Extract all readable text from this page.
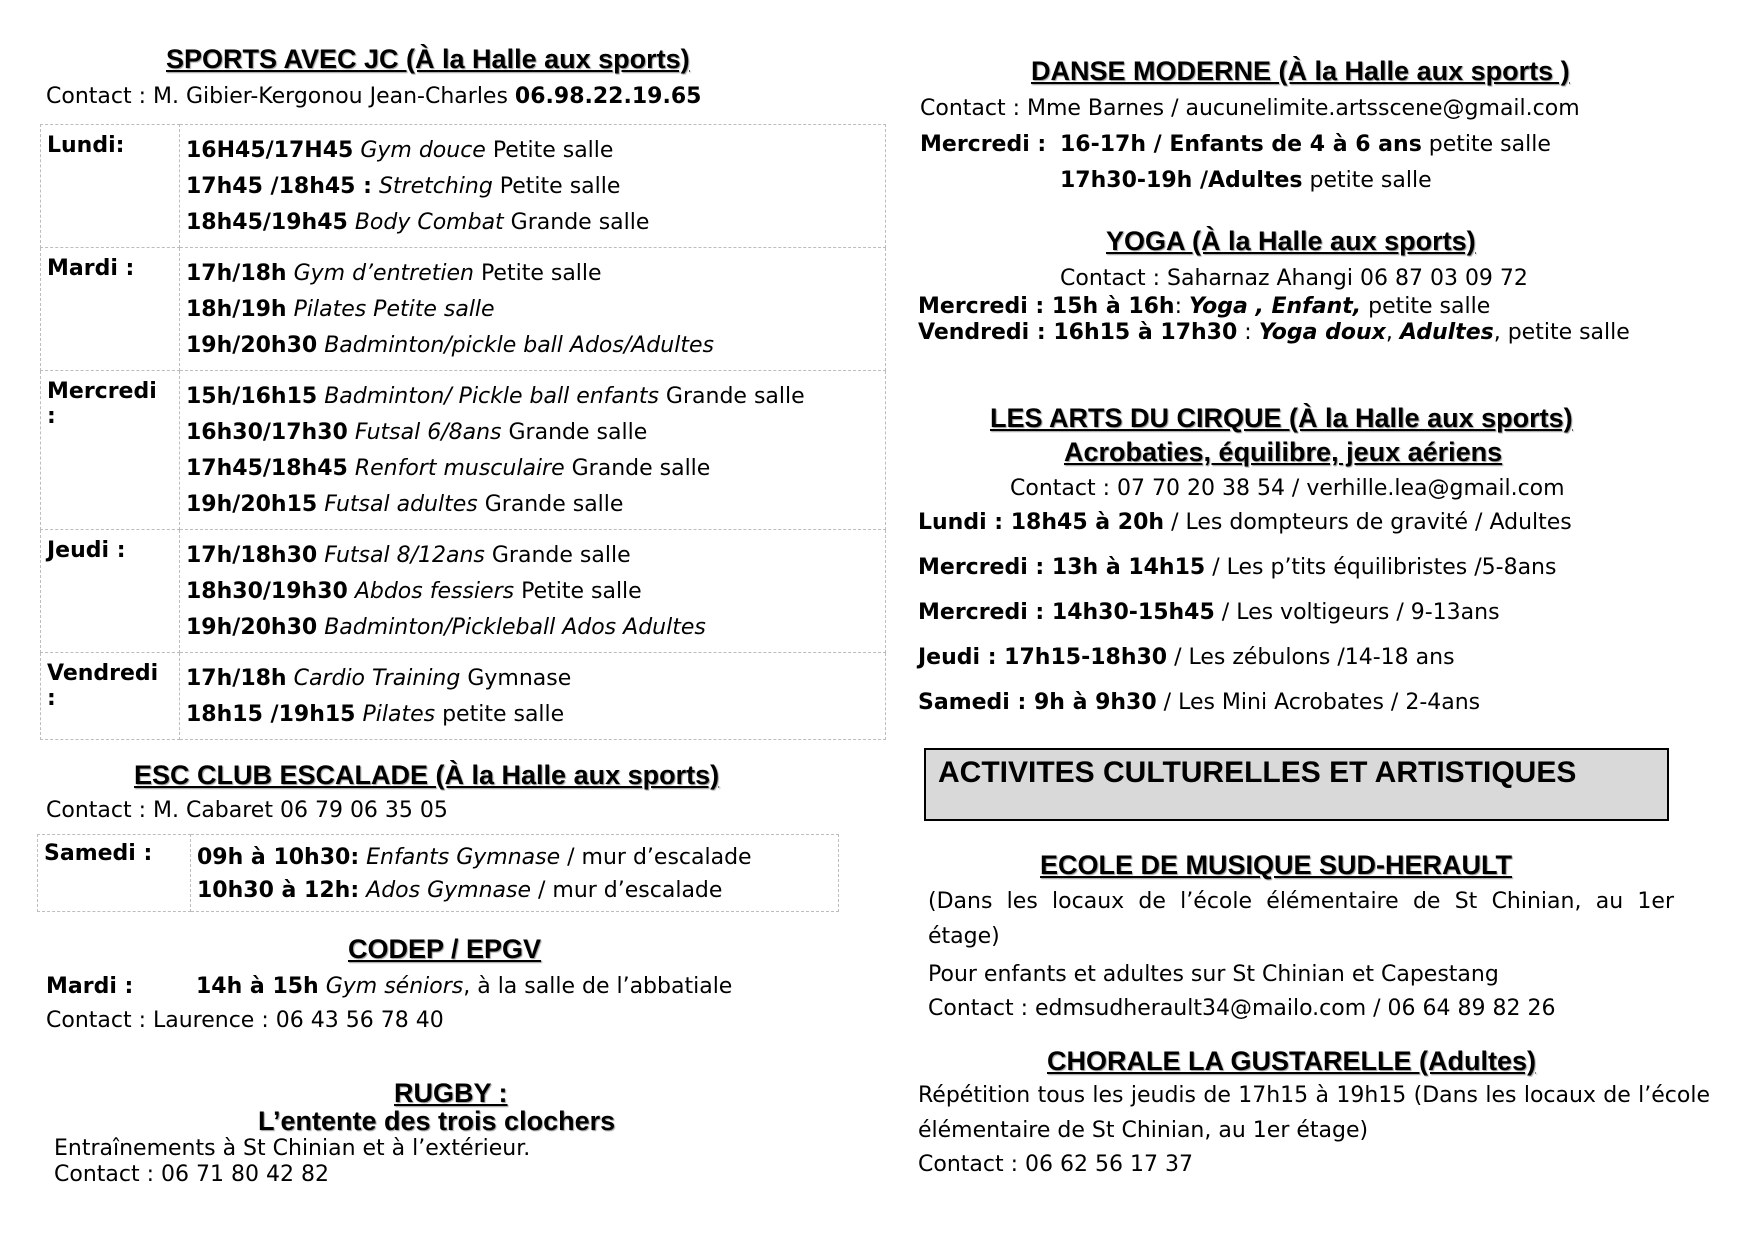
SPORTS AVEC JC (À la Halle aux sports)
Contact : M. Gibier-Kergonou Jean-Charles 06.98.22.19.65
Lundi:	16H45/17H45 Gym douce Petite salle
17h45 /18h45 : Stretching Petite salle
18h45/19h45 Body Combat Grande salle

Mardi :	17h/18h Gym d’entretien Petite salle
18h/19h Pilates Petite salle
19h/20h30 Badminton/pickle ball Ados/Adultes

Mercredi :	15h/16h15 Badminton/ Pickle ball enfants Grande salle
16h30/17h30 Futsal 6/8ans Grande salle
17h45/18h45 Renfort musculaire Grande salle
19h/20h15 Futsal adultes Grande salle

Jeudi :	17h/18h30 Futsal 8/12ans Grande salle
18h30/19h30 Abdos fessiers Petite salle
19h/20h30 Badminton/Pickleball Ados Adultes

Vendredi :	17h/18h Cardio Training Gymnase
18h15 /19h15 Pilates petite salle
ESC CLUB ESCALADE (À la Halle aux sports)
Contact : M. Cabaret 06 79 06 35 05
Samedi :	09h à 10h30: Enfants Gymnase / mur d’escalade
10h30 à 12h: Ados Gymnase / mur d’escalade
CODEP / EPGV
Mardi :	14h à 15h Gym séniors, à la salle de l’abbatiale
Contact : Laurence : 06 43 56 78 40
RUGBY :
L’entente des trois clochers
Entraînements à St Chinian et à l’extérieur.
Contact : 06 71 80 42 82
DANSE MODERNE (À la Halle aux sports )
Contact : Mme Barnes / aucunelimite.artsscene@gmail.com
Mercredi : 16-17h / Enfants de 4 à 6 ans petite salle
17h30-19h /Adultes petite salle
YOGA (À la Halle aux sports)
Contact : Saharnaz Ahangi 06 87 03 09 72
Mercredi : 15h à 16h: Yoga , Enfant, petite salle
Vendredi : 16h15 à 17h30 : Yoga doux, Adultes, petite salle
LES ARTS DU CIRQUE (À la Halle aux sports)
Acrobaties, équilibre, jeux aériens
Contact : 07 70 20 38 54 / verhille.lea@gmail.com
Lundi : 18h45 à 20h / Les dompteurs de gravité / Adultes
Mercredi : 13h à 14h15 / Les p’tits équilibristes /5-8ans
Mercredi : 14h30-15h45 / Les voltigeurs / 9-13ans
Jeudi : 17h15-18h30 / Les zébulons /14-18 ans
Samedi : 9h à 9h30 / Les Mini Acrobates / 2-4ans
ACTIVITES CULTURELLES ET ARTISTIQUES
ECOLE DE MUSIQUE SUD-HERAULT
(Dans les locaux de l’école élémentaire de St Chinian, au 1er étage)
Pour enfants et adultes sur St Chinian et Capestang
Contact : edmsudherault34@mailo.com / 06 64 89 82 26
CHORALE LA GUSTARELLE (Adultes)
Répétition tous les jeudis de 17h15 à 19h15 (Dans les locaux de l’école élémentaire de St Chinian, au 1er étage)
Contact : 06 62 56 17 37
